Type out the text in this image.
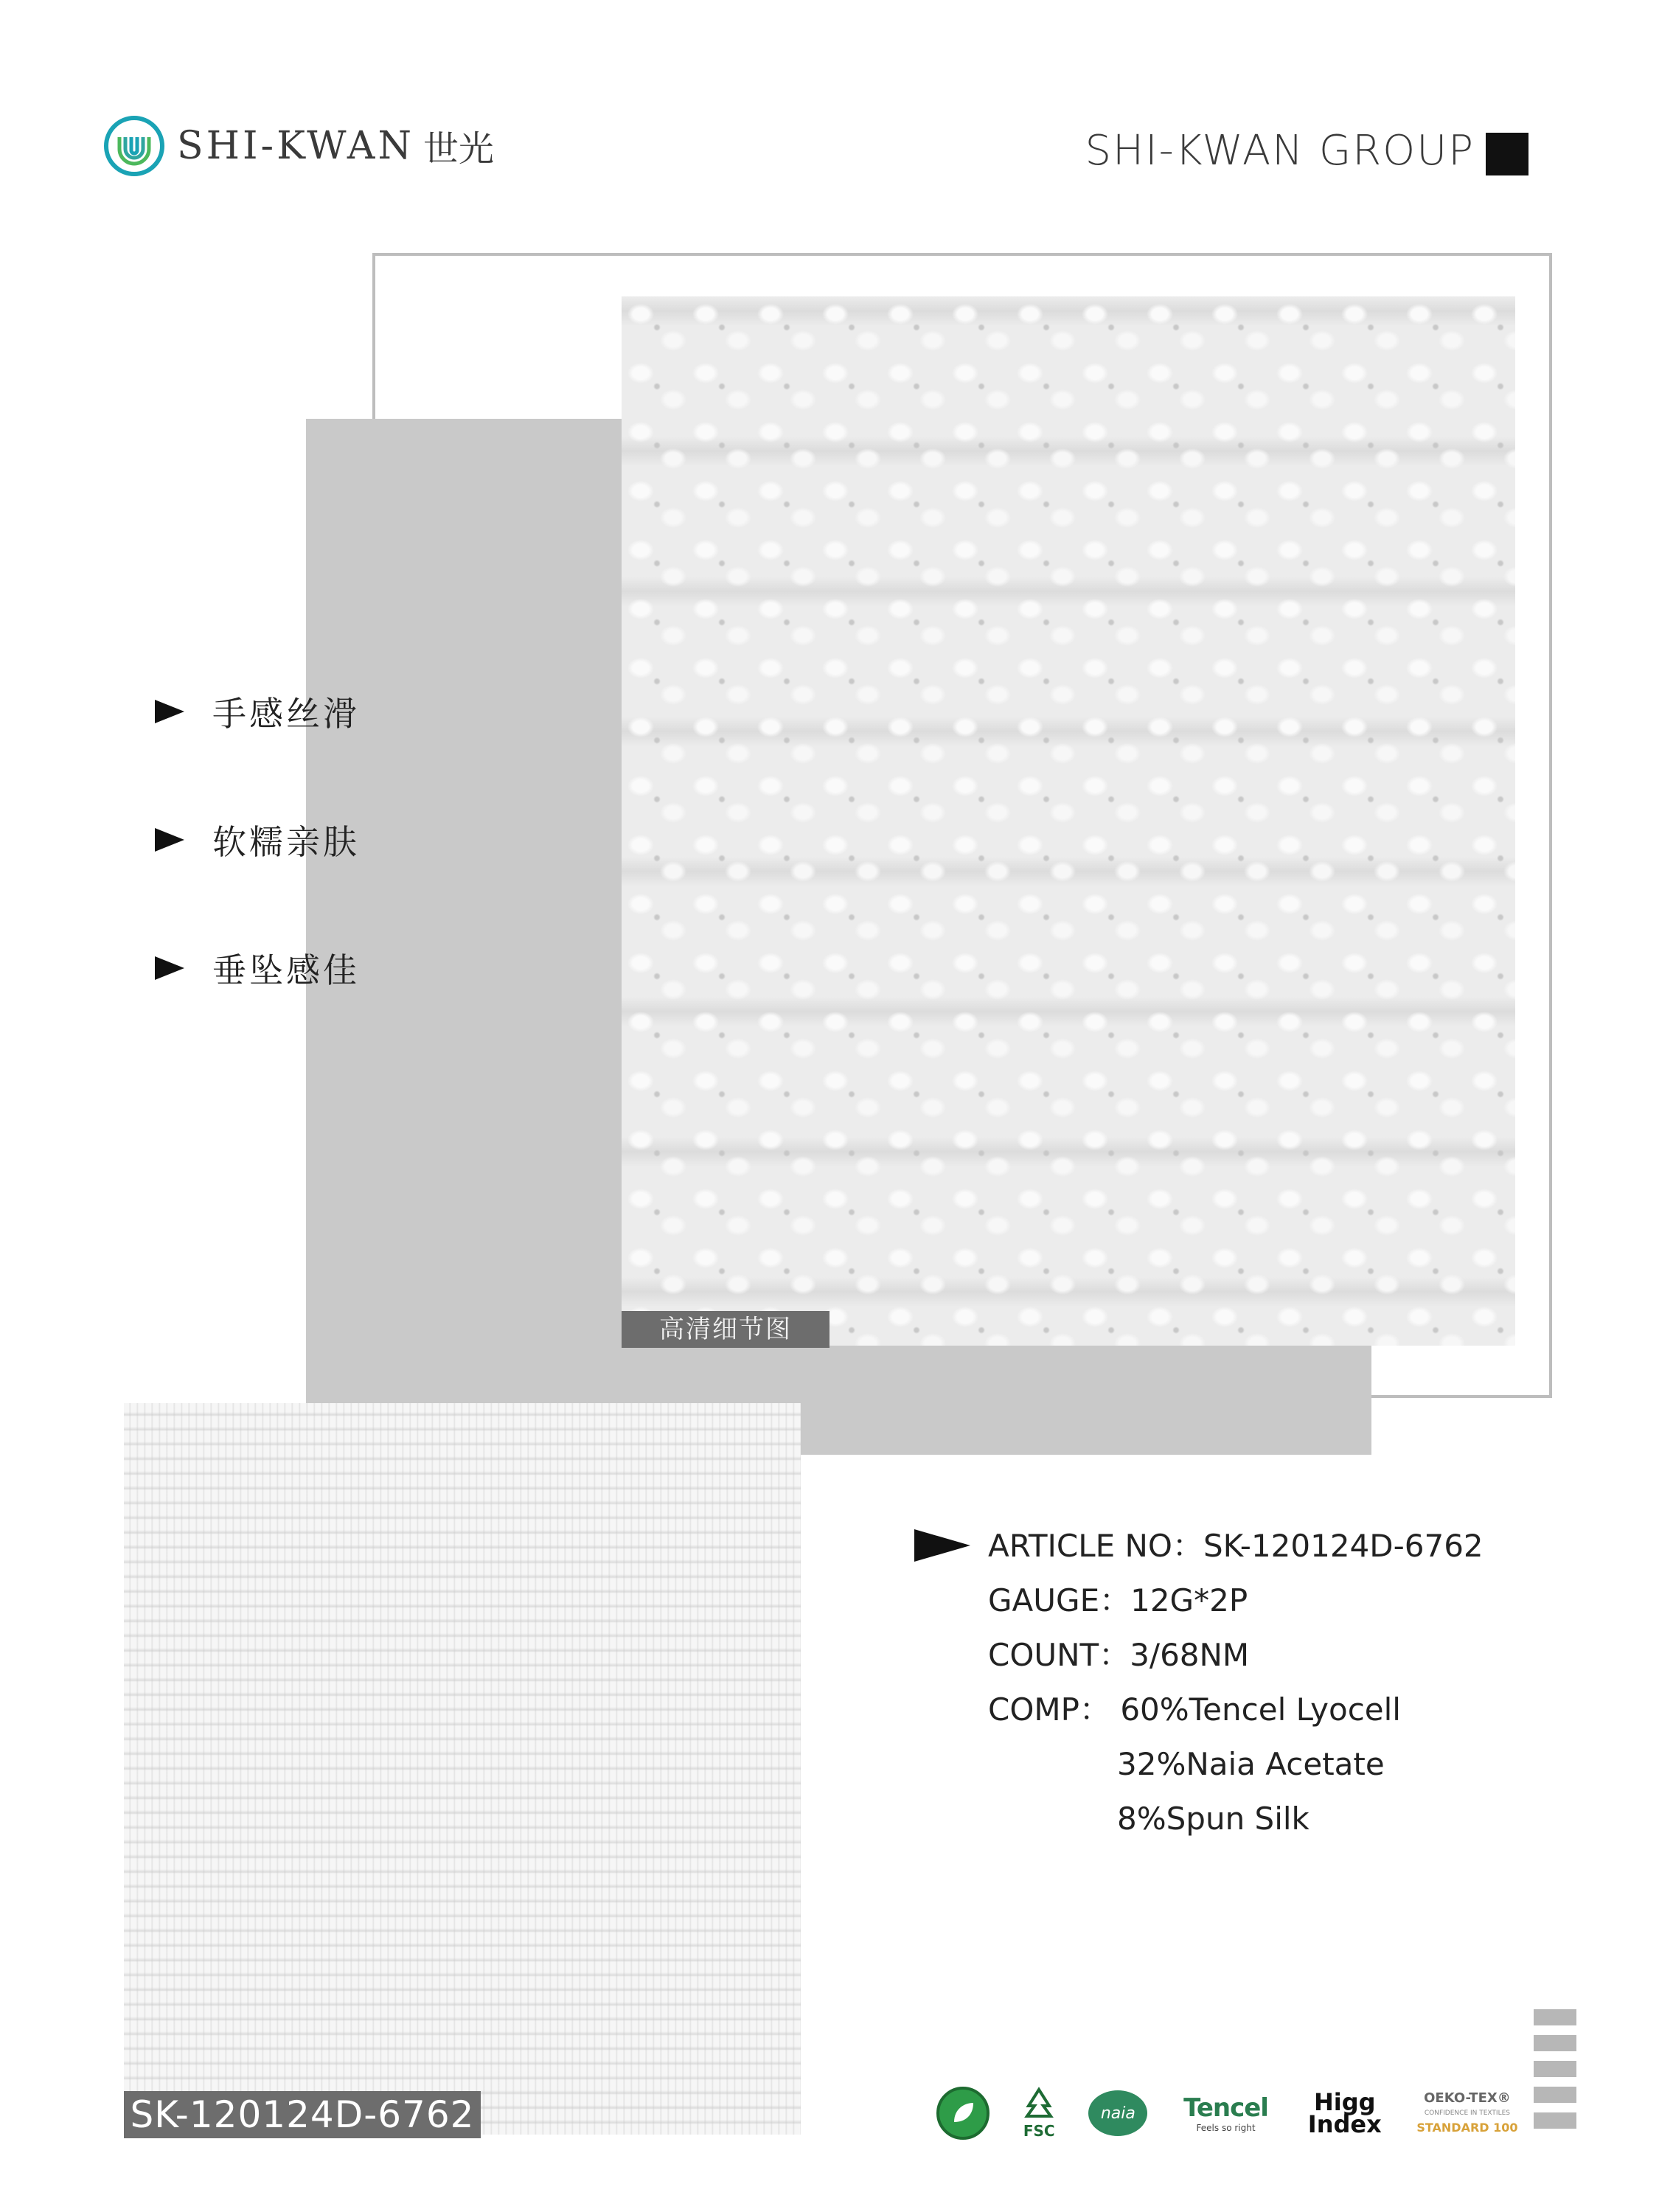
SHI-KWAN 世光	SHI-KWAN GROUP
高清细节图
手感丝滑
软糯亲肤
垂坠感佳
SK-120124D-6762
ARTICLE NO：SK-120124D-6762
GAUGE：12G*2P
COUNT：3/68NM
COMP： 60%Tencel Lyocell
32%Naia Acetate
8%Spun Silk
FSC
naia	Tencel
Feels so right
Higg
Index
OEKO-TEX®
CONFIDENCE IN TEXTILES
STANDARD 100
